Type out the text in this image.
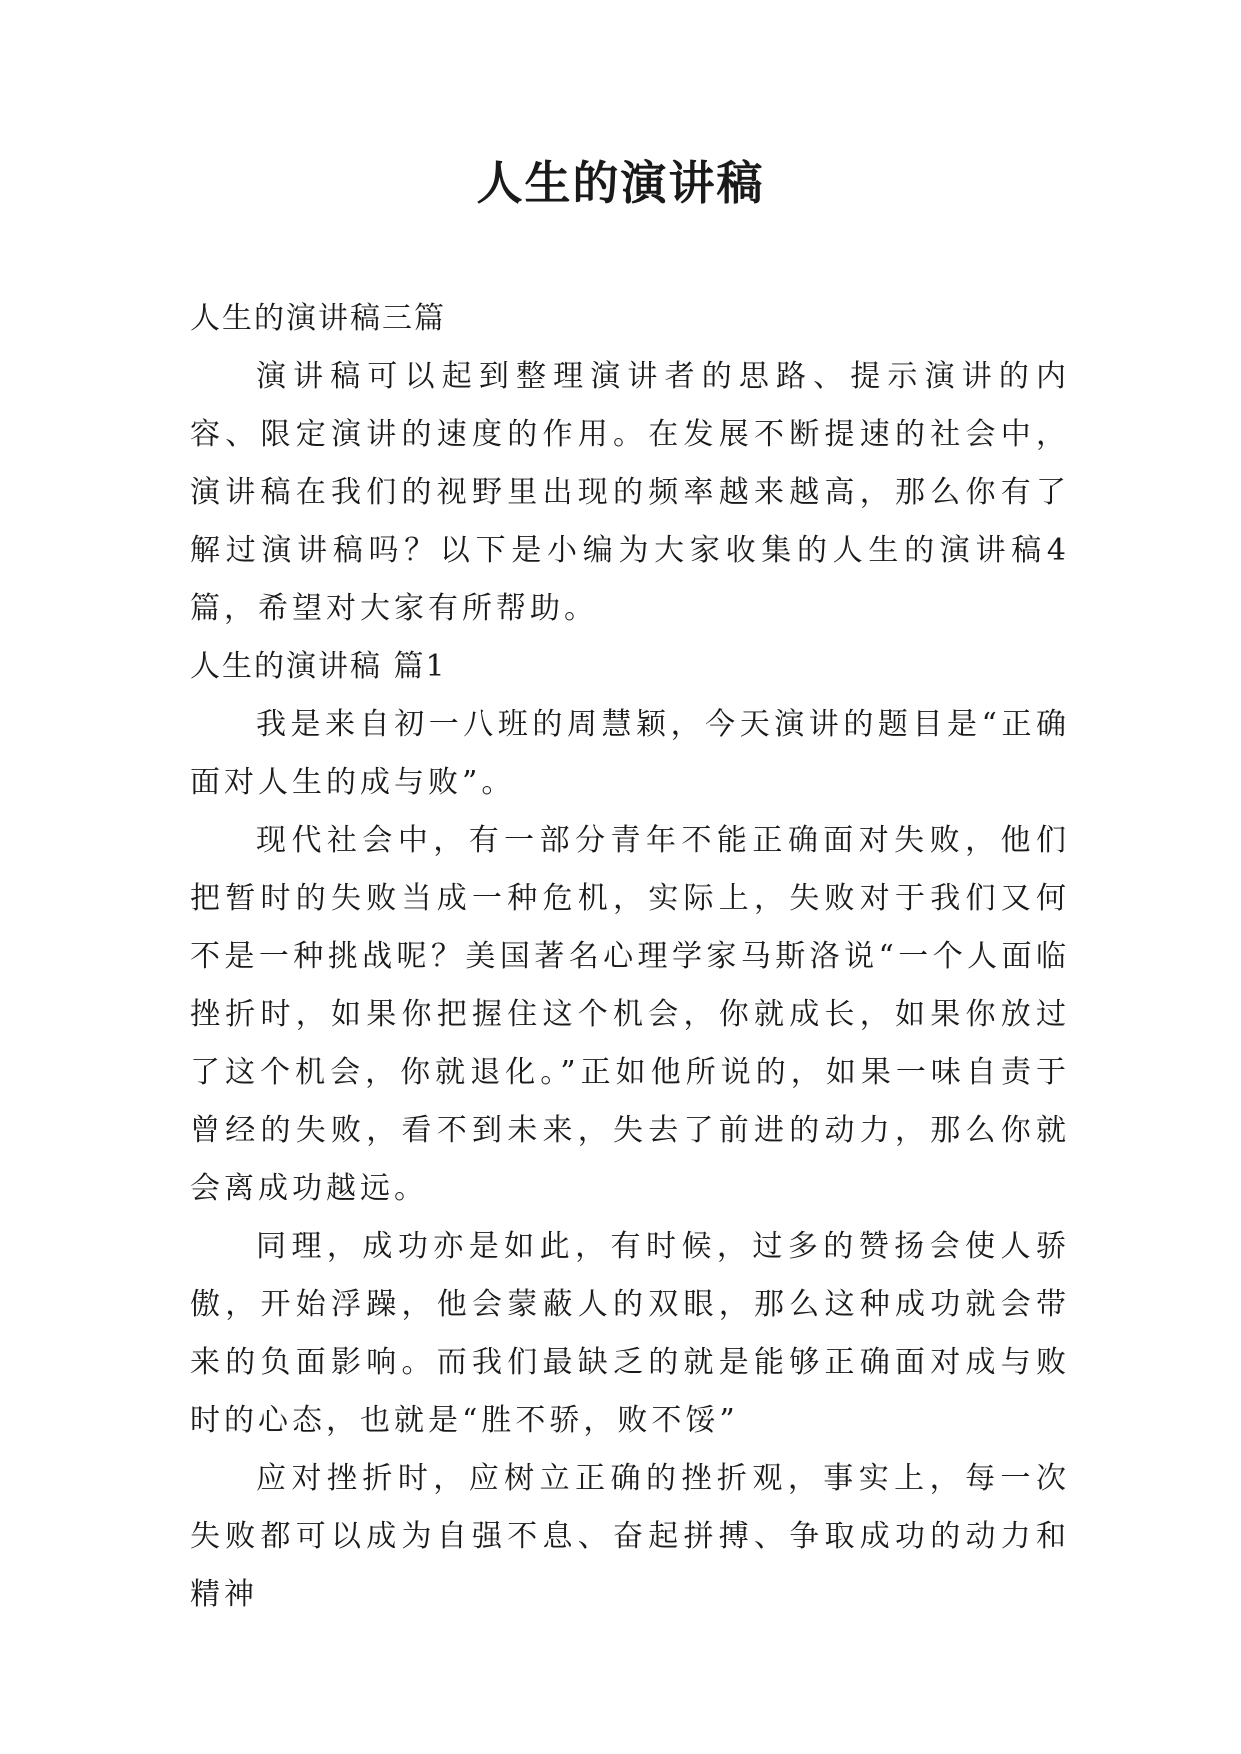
人生的演讲稿

人生的演讲稿三篇

演讲稿可以起到整理演讲者的思路、提示演讲的内容、限定演讲的速度的作用。在发展不断提速的社会中，演讲稿在我们的视野里出现的频率越来越高，那么你有了解过演讲稿吗？以下是小编为大家收集的人生的演讲稿4篇，希望对大家有所帮助。

人生的演讲稿 篇1

我是来自初一八班的周慧颖，今天演讲的题目是“正确面对人生的成与败”。

现代社会中，有一部分青年不能正确面对失败，他们把暂时的失败当成一种危机，实际上，失败对于我们又何不是一种挑战呢？美国著名心理学家马斯洛说“一个人面临挫折时，如果你把握住这个机会，你就成长，如果你放过了这个机会，你就退化。”正如他所说的，如果一味自责于曾经的失败，看不到未来，失去了前进的动力，那么你就会离成功越远。

同理，成功亦是如此，有时候，过多的赞扬会使人骄傲，开始浮躁，他会蒙蔽人的双眼，那么这种成功就会带来的负面影响。而我们最缺乏的就是能够正确面对成与败时的心态，也就是“胜不骄，败不馁”

应对挫折时，应树立正确的挫折观，事实上，每一次失败都可以成为自强不息、奋起拼搏、争取成功的动力和精神
